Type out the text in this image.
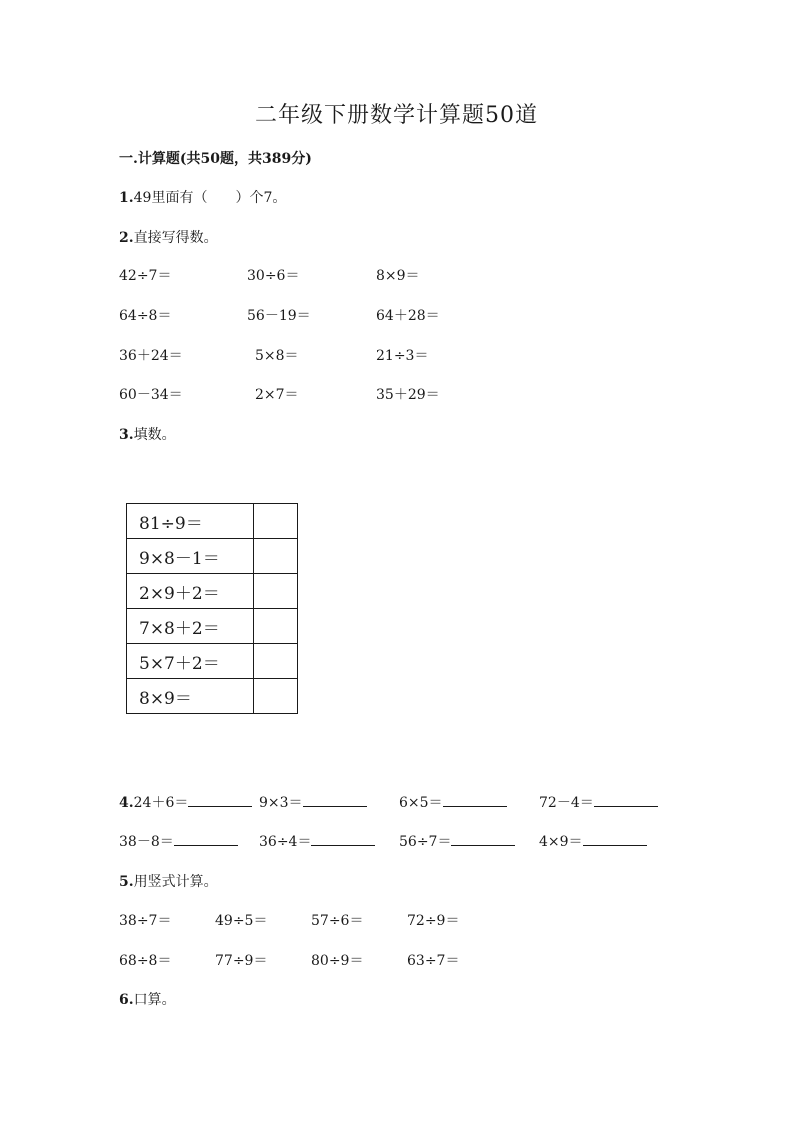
二年级下册数学计算题50道
一.计算题(共50题，共389分)
1.49里面有（　　）个7。
2.直接写得数。
42÷7＝	30÷6＝	8×9＝
64÷8＝	56－19＝	64＋28＝
36＋24＝	5×8＝	21÷3＝
60－34＝	2×7＝	35＋29＝
3.填数。
81÷9＝	
9×8－1＝	
2×9＋2＝	
7×8＋2＝	
5×7＋2＝	
8×9＝	
4.24＋6＝	9×3＝	6×5＝	72－4＝
38－8＝	36÷4＝	56÷7＝	4×9＝
5.用竖式计算。
38÷7＝	49÷5＝	57÷6＝	72÷9＝
68÷8＝	77÷9＝	80÷9＝	63÷7＝
6.口算。
